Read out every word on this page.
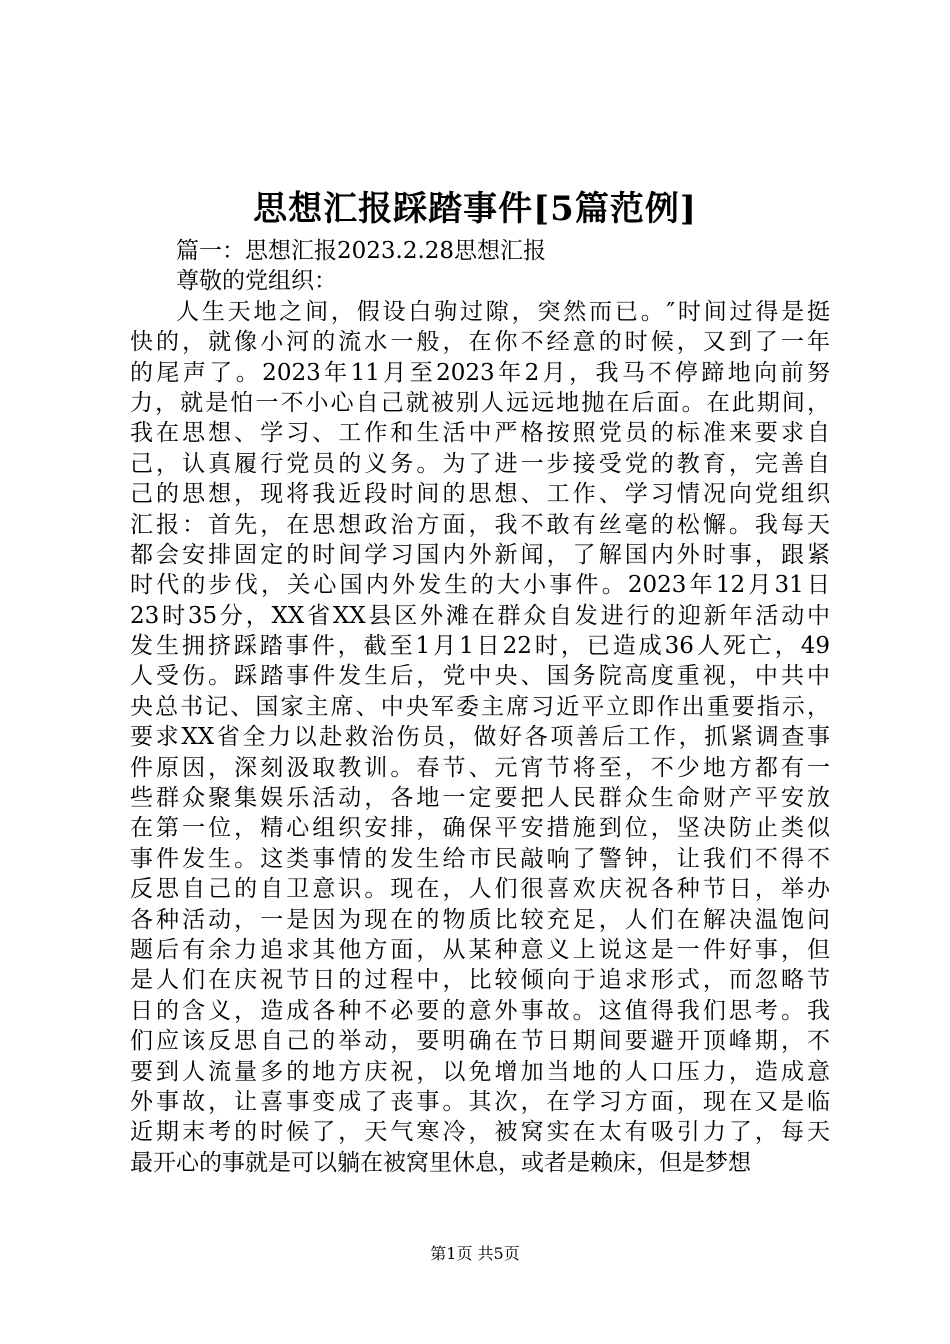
思想汇报踩踏事件[5篇范例]
篇一：思想汇报2023.2.28思想汇报
尊敬的党组织：
人生天地之间，假设白驹过隙，突然而已。″时间过得是挺
快的，就像小河的流水一般，在你不经意的时候，又到了一年
的尾声了。2023年11月至2023年2月，我马不停蹄地向前努
力，就是怕一不小心自己就被别人远远地抛在后面。在此期间，
我在思想、学习、工作和生活中严格按照党员的标准来要求自
己，认真履行党员的义务。为了进一步接受党的教育，完善自
己的思想，现将我近段时间的思想、工作、学习情况向党组织
汇报：首先，在思想政治方面，我不敢有丝毫的松懈。我每天
都会安排固定的时间学习国内外新闻，了解国内外时事，跟紧
时代的步伐，关心国内外发生的大小事件。2023年12月31日
23时35分，XX省XX县区外滩在群众自发进行的迎新年活动中
发生拥挤踩踏事件，截至1月1日22时，已造成36人死亡，49
人受伤。踩踏事件发生后，党中央、国务院高度重视，中共中
央总书记、国家主席、中央军委主席习近平立即作出重要指示，
要求XX省全力以赴救治伤员，做好各项善后工作，抓紧调查事
件原因，深刻汲取教训。春节、元宵节将至，不少地方都有一
些群众聚集娱乐活动，各地一定要把人民群众生命财产平安放
在第一位，精心组织安排，确保平安措施到位，坚决防止类似
事件发生。这类事情的发生给市民敲响了警钟，让我们不得不
反思自己的自卫意识。现在，人们很喜欢庆祝各种节日，举办
各种活动，一是因为现在的物质比较充足，人们在解决温饱问
题后有余力追求其他方面，从某种意义上说这是一件好事，但
是人们在庆祝节日的过程中，比较倾向于追求形式，而忽略节
日的含义，造成各种不必要的意外事故。这值得我们思考。我
们应该反思自己的举动，要明确在节日期间要避开顶峰期，不
要到人流量多的地方庆祝，以免增加当地的人口压力，造成意
外事故，让喜事变成了丧事。其次，在学习方面，现在又是临
近期末考的时候了，天气寒冷，被窝实在太有吸引力了，每天
最开心的事就是可以躺在被窝里休息，或者是赖床，但是梦想
第1页 共5页
